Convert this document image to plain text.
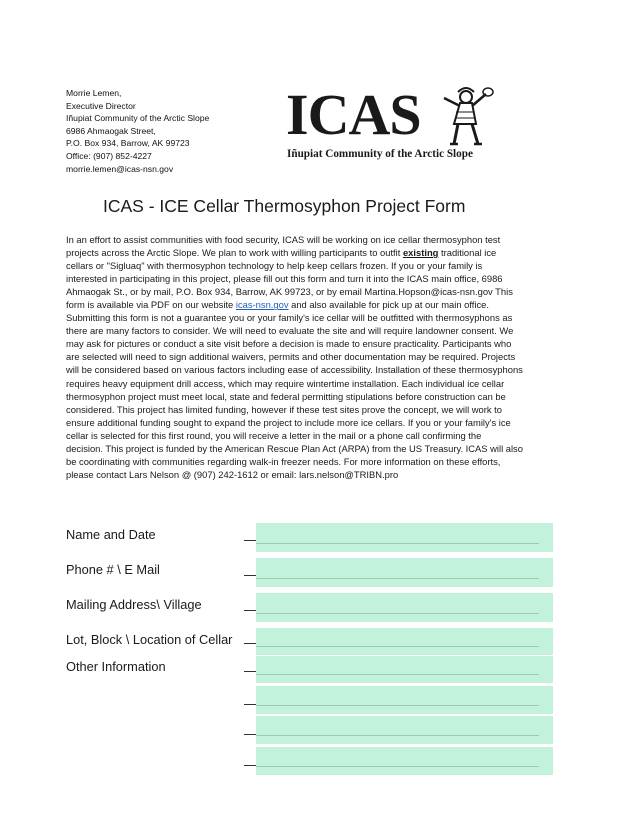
Morrie Lemen,
Executive Director
Iñupiat Community of the Arctic Slope
6986 Ahmaogak Street,
P.O. Box 934, Barrow, AK 99723
Office: (907) 852-4227
morrie.lemen@icas-nsn.gov
ICAS
Iñupiat Community of the Arctic Slope
ICAS - ICE Cellar Thermosyphon Project Form
In an effort to assist communities with food security, ICAS will be working on ice cellar thermosyphon test
projects across the Arctic Slope. We plan to work with willing participants to outfit existing traditional ice
cellars or "Sigluaq" with thermosyphon technology to help keep cellars frozen. If you or your family is
interested in participating in this project, please fill out this form and turn it into the ICAS main office, 6986
Ahmaogak St., or by mail, P.O. Box 934, Barrow, AK 99723, or by email Martina.Hopson@icas-nsn.gov This
form is available via PDF on our website icas-nsn.gov and also available for pick up at our main office.
Submitting this form is not a guarantee you or your family's ice cellar will be outfitted with thermosyphons as
there are many factors to consider. We will need to evaluate the site and will require landowner consent. We
may ask for pictures or conduct a site visit before a decision is made to ensure practicality. Participants who
are selected will need to sign additional waivers, permits and other documentation may be required. Projects
will be considered based on various factors including ease of accessibility. Installation of these thermosyphons
requires heavy equipment drill access, which may require wintertime installation. Each individual ice cellar
thermosyphon project must meet local, state and federal permitting stipulations before construction can be
considered. This project has limited funding, however if these test sites prove the concept, we will work to
ensure additional funding sought to expand the project to include more ice cellars. If you or your family's ice
cellar is selected for this first round, you will receive a letter in the mail or a phone call confirming the
decision. This project is funded by the American Rescue Plan Act (ARPA) from the US Treasury. ICAS will also
be coordinating with communities regarding walk-in freezer needs. For more information on these efforts,
please contact Lars Nelson @ (907) 242-1612 or email: lars.nelson@TRIBN.pro
Name and Date
Phone # \ E Mail
Mailing Address\ Village
Lot, Block \ Location of Cellar
Other Information
